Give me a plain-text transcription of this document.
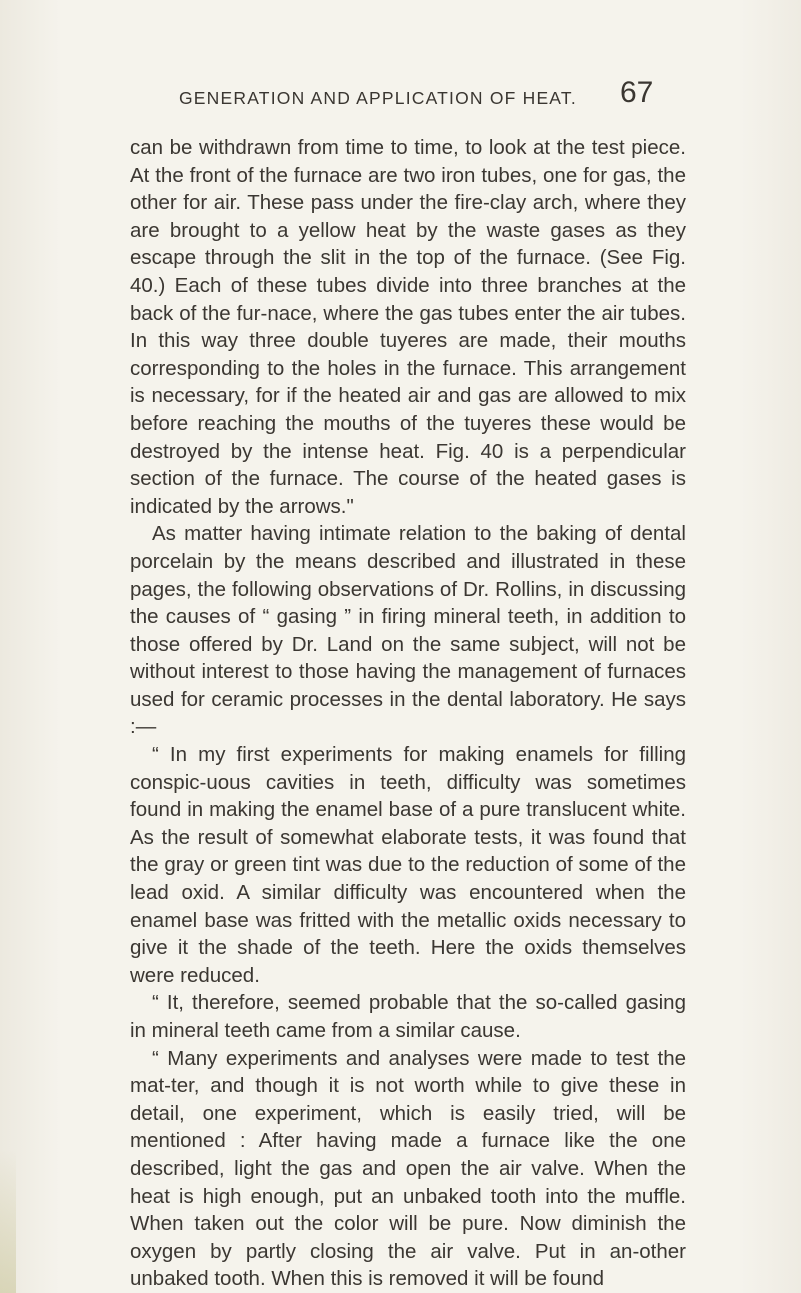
GENERATION AND APPLICATION OF HEAT.	67

can be withdrawn from time to time, to look at the test piece. At the front of the furnace are two iron tubes, one for gas, the other for air. These pass under the fire-clay arch, where they are brought to a yellow heat by the waste gases as they escape through the slit in the top of the furnace. (See Fig. 40.) Each of these tubes divide into three branches at the back of the fur-nace, where the gas tubes enter the air tubes. In this way three double tuyeres are made, their mouths corresponding to the holes in the furnace. This arrangement is necessary, for if the heated air and gas are allowed to mix before reaching the mouths of the tuyeres these would be destroyed by the intense heat. Fig. 40 is a perpendicular section of the furnace. The course of the heated gases is indicated by the arrows."

As matter having intimate relation to the baking of dental porcelain by the means described and illustrated in these pages, the following observations of Dr. Rollins, in discussing the causes of “ gasing ” in firing mineral teeth, in addition to those offered by Dr. Land on the same subject, will not be without interest to those having the management of furnaces used for ceramic processes in the dental laboratory. He says :—

“ In my first experiments for making enamels for filling conspic-uous cavities in teeth, difficulty was sometimes found in making the enamel base of a pure translucent white. As the result of somewhat elaborate tests, it was found that the gray or green tint was due to the reduction of some of the lead oxid. A similar difficulty was encountered when the enamel base was fritted with the metallic oxids necessary to give it the shade of the teeth. Here the oxids themselves were reduced.

“ It, therefore, seemed probable that the so-called gasing in mineral teeth came from a similar cause.

“ Many experiments and analyses were made to test the mat-ter, and though it is not worth while to give these in detail, one experiment, which is easily tried, will be mentioned : After having made a furnace like the one described, light the gas and open the air valve. When the heat is high enough, put an unbaked tooth into the muffle. When taken out the color will be pure. Now diminish the oxygen by partly closing the air valve. Put in an-other unbaked tooth. When this is removed it will be found
